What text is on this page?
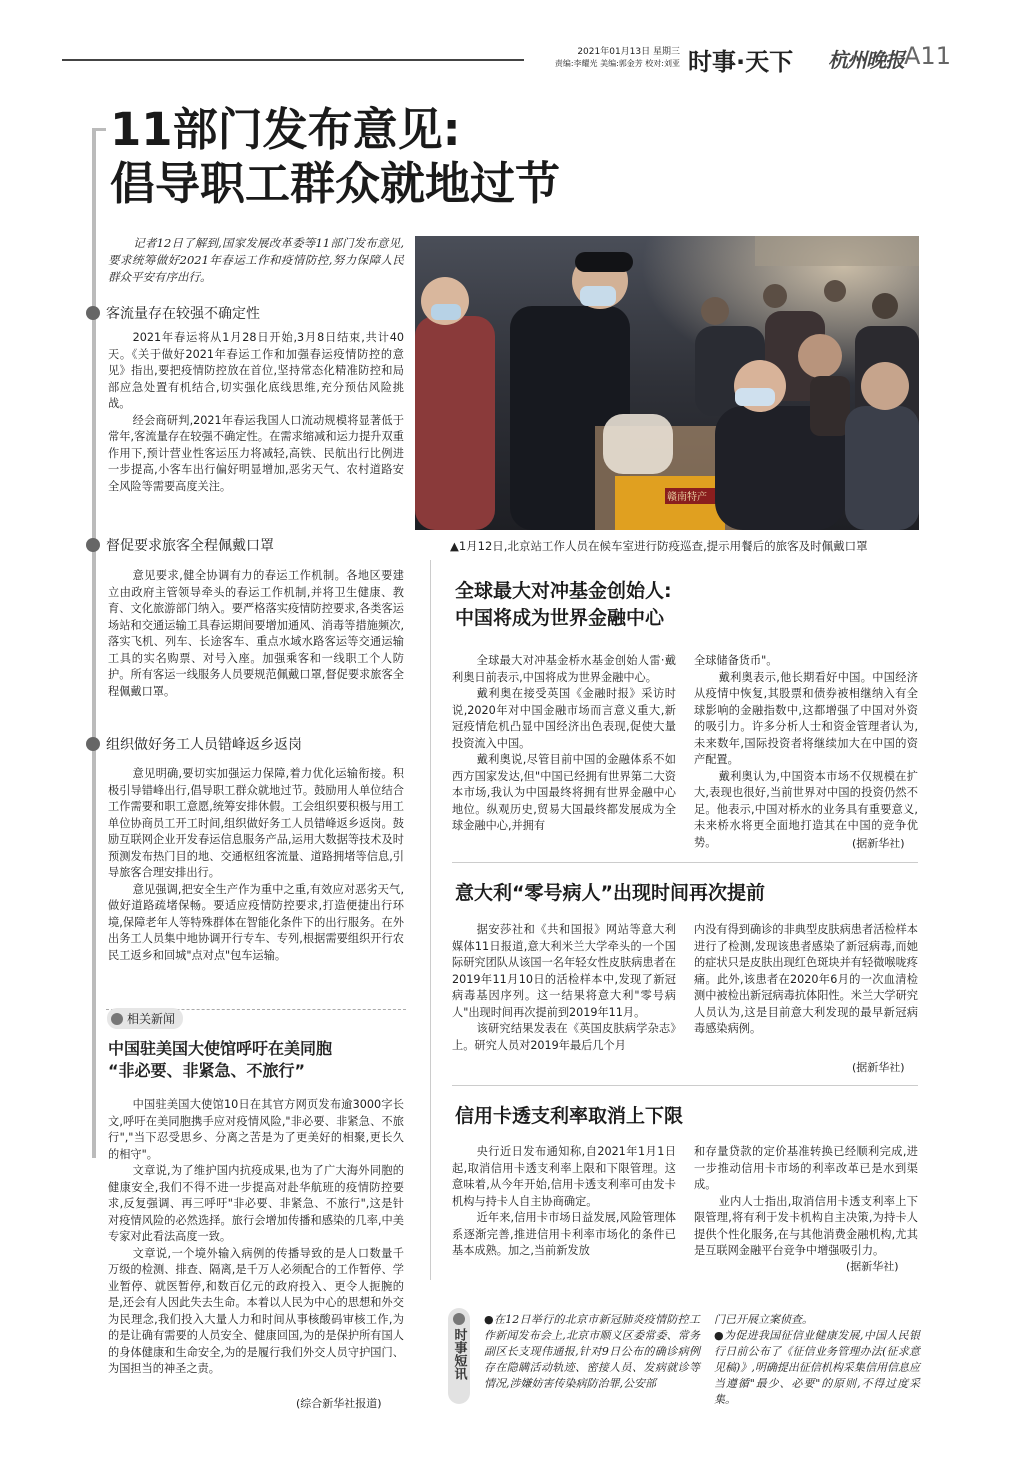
2021年01月13日 星期三
责编:李耀光 美编:郭金芳 校对:刘亚 时事·天下 杭州晚报 A11
11部门发布意见:
倡导职工群众就地过节
记者12日了解到,国家发展改革委等11部门发布意见,要求统筹做好2021年春运工作和疫情防控,努力保障人民群众平安有序出行。
客流量存在较强不确定性

2021年春运将从1月28日开始,3月8日结束,共计40天。《关于做好2021年春运工作和加强春运疫情防控的意见》指出,要把疫情防控放在首位,坚持常态化精准防控和局部应急处置有机结合,切实强化底线思维,充分预估风险挑战。

经会商研判,2021年春运我国人口流动规模将显著低于常年,客流量存在较强不确定性。在需求缩减和运力提升双重作用下,预计营业性客运压力将减轻,高铁、民航出行比例进一步提高,小客车出行偏好明显增加,恶劣天气、农村道路安全风险等需要高度关注。

督促要求旅客全程佩戴口罩

意见要求,健全协调有力的春运工作机制。各地区要建立由政府主管领导牵头的春运工作机制,并将卫生健康、教育、文化旅游部门纳入。要严格落实疫情防控要求,各类客运场站和交通运输工具春运期间要增加通风、消毒等措施频次,落实飞机、列车、长途客车、重点水域水路客运等交通运输工具的实名购票、对号入座。加强乘客和一线职工个人防护。所有客运一线服务人员要规范佩戴口罩,督促要求旅客全程佩戴口罩。

组织做好务工人员错峰返乡返岗

意见明确,要切实加强运力保障,着力优化运输衔接。积极引导错峰出行,倡导职工群众就地过节。鼓励用人单位结合工作需要和职工意愿,统筹安排休假。工会组织要积极与用工单位协商员工开工时间,组织做好务工人员错峰返乡返岗。鼓励互联网企业开发春运信息服务产品,运用大数据等技术及时预测发布热门目的地、交通枢纽客流量、道路拥堵等信息,引导旅客合理安排出行。

意见强调,把安全生产作为重中之重,有效应对恶劣天气,做好道路疏堵保畅。要适应疫情防控要求,打造便捷出行环境,保障老年人等特殊群体在智能化条件下的出行服务。在外出务工人员集中地协调开行专车、专列,根据需要组织开行农民工返乡和回城"点对点"包车运输。

相关新闻
中国驻美国大使馆呼吁在美同胞
“非必要、非紧急、不旅行”

中国驻美国大使馆10日在其官方网页发布逾3000字长文,呼吁在美同胞携手应对疫情风险,"非必要、非紧急、不旅行","当下忍受思乡、分离之苦是为了更美好的相聚,更长久的相守"。

文章说,为了维护国内抗疫成果,也为了广大海外同胞的健康安全,我们不得不进一步提高对赴华航班的疫情防控要求,反复强调、再三呼吁"非必要、非紧急、不旅行",这是针对疫情风险的必然选择。旅行会增加传播和感染的几率,中美专家对此看法高度一致。

文章说,一个境外输入病例的传播导致的是人口数量千万级的检测、排查、隔离,是千万人必须配合的工作暂停、学业暂停、就医暂停,和数百亿元的政府投入、更令人扼腕的是,还会有人因此失去生命。本着以人民为中心的思想和外交为民理念,我们投入大量人力和时间从事核酸码审核工作,为的是让确有需要的人员安全、健康回国,为的是保护所有国人的身体健康和生命安全,为的是履行我们外交人员守护国门、为国担当的神圣之责。

(综合新华社报道)
赣南特产
▲1月12日,北京站工作人员在候车室进行防疫巡查,提示用餐后的旅客及时佩戴口罩
全球最大对冲基金创始人:
中国将成为世界金融中心

全球最大对冲基金桥水基金创始人雷·戴利奥日前表示,中国将成为世界金融中心。

戴利奥在接受英国《金融时报》采访时说,2020年对中国金融市场而言意义重大,新冠疫情危机凸显中国经济出色表现,促使大量投资流入中国。

戴利奥说,尽管目前中国的金融体系不如西方国家发达,但"中国已经拥有世界第二大资本市场,我认为中国最终将拥有世界金融中心地位。纵观历史,贸易大国最终都发展成为全球金融中心,并拥有

全球储备货币"。

戴利奥表示,他长期看好中国。中国经济从疫情中恢复,其股票和债券被相继纳入有全球影响的金融指数中,这都增强了中国对外资的吸引力。许多分析人士和资金管理者认为,未来数年,国际投资者将继续加大在中国的资产配置。

戴利奥认为,中国资本市场不仅规模在扩大,表现也很好,当前世界对中国的投资仍然不足。他表示,中国对桥水的业务具有重要意义,未来桥水将更全面地打造其在中国的竞争优势。	(据新华社)
意大利“零号病人”出现时间再次提前

据安莎社和《共和国报》网站等意大利媒体11日报道,意大利米兰大学牵头的一个国际研究团队从该国一名年轻女性皮肤病患者在2019年11月10日的活检样本中,发现了新冠病毒基因序列。这一结果将意大利"零号病人"出现时间再次提前到2019年11月。

该研究结果发表在《英国皮肤病学杂志》上。研究人员对2019年最后几个月

内没有得到确诊的非典型皮肤病患者活检样本进行了检测,发现该患者感染了新冠病毒,而她的症状只是皮肤出现红色斑块并有轻微喉咙疼痛。此外,该患者在2020年6月的一次血清检测中被检出新冠病毒抗体阳性。米兰大学研究人员认为,这是目前意大利发现的最早新冠病毒感染病例。
(据新华社)
信用卡透支利率取消上下限

央行近日发布通知称,自2021年1月1日起,取消信用卡透支利率上限和下限管理。这意味着,从今年开始,信用卡透支利率可由发卡机构与持卡人自主协商确定。

近年来,信用卡市场日益发展,风险管理体系逐渐完善,推进信用卡利率市场化的条件已基本成熟。加之,当前新发放

和存量贷款的定价基准转换已经顺利完成,进一步推动信用卡市场的利率改革已是水到渠成。

业内人士指出,取消信用卡透支利率上下限管理,将有利于发卡机构自主决策,为持卡人提供个性化服务,在与其他消费金融机构,尤其是互联网金融平台竞争中增强吸引力。

(据新华社)
时事短讯
●在12日举行的北京市新冠肺炎疫情防控工作新闻发布会上,北京市顺义区委常委、常务副区长支现伟通报,针对9日公布的确诊病例存在隐瞒活动轨迹、密接人员、发病就诊等情况,涉嫌妨害传染病防治罪,公安部
门已开展立案侦查。
●为促进我国征信业健康发展,中国人民银行日前公布了《征信业务管理办法(征求意见稿)》,明确提出征信机构采集信用信息应当遵循"最少、必要"的原则,不得过度采集。
